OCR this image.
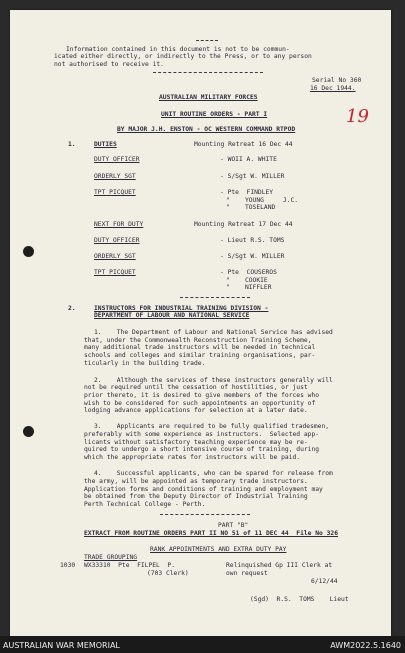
Information contained in this document is not to be commun-
icated either directly, or indirectly to the Press, or to any person
not authorised to receive it.
Serial No 360
16 Dec 1944.
19
AUSTRALIAN MILITARY FORCES
UNIT ROUTINE ORDERS - PART I
BY MAJOR J.H. ENSTON - OC WESTERN COMMAND RTPOD
1.	DUTIES	Mounting Retreat 16 Dec 44
DUTY OFFICER	- WOII A. WHITE
ORDERLY SGT	- S/Sgt W. MILLER
TPT PICQUET	- Pte  FINDLEY
"    YOUNG     J.C.
"    TOSELAND
NEXT FOR DUTY	Mounting Retreat 17 Dec 44
DUTY OFFICER	- Lieut R.S. TOMS
ORDERLY SGT	- S/Sgt W. MILLER
TPT PICQUET	- Pte  COUSEROS
"    COOKIE
"    NIFFLER
2.	INSTRUCTORS FOR INDUSTRIAL TRAINING DIVISION -
DEPARTMENT OF LABOUR AND NATIONAL SERVICE
1.    The Department of Labour and National Service has advised
that, under the Commonwealth Reconstruction Training Scheme,
many additional trade instructors will be needed in technical
schools and colleges and similar training organisations, par-
ticularly in the building trade.
2.    Although the services of these instructors generally will
not be required until the cessation of hostilities, or just
prior thereto, it is desired to give members of the forces who
wish to be considered for such appointments an opportunity of
lodging advance applications for selection at a later date.
3.    Applicants are required to be fully qualified tradesmen,
preferably with some experience as instructors.  Selected app-
licants without satisfactory teaching experience may be re-
quired to undergo a short intensive course of training, during
which the appropriate rates for instructors will be paid.
4.    Successful applicants, who can be spared for release from
the army, will be appointed as temporary trade instructors.
Application forms and conditions of training and employment may
be obtained from the Deputy Director of Industrial Training
Perth Technical College - Perth.
PART "B"
EXTRACT FROM ROUTINE ORDERS PART II NO 51 of 11 DEC 44  File No 326
RANK APPOINTMENTS AND EXTRA DUTY PAY
TRADE GROUPING
1030 WX33310  Pte  FILPEL  P.
(703 Clerk)
Relinquished Gp III Clerk at
own request
6/12/44
(Sgd)  R.S.  TOMS    Lieut
AUSTRALIAN WAR MEMORIAL	AWM2022.5.1640
